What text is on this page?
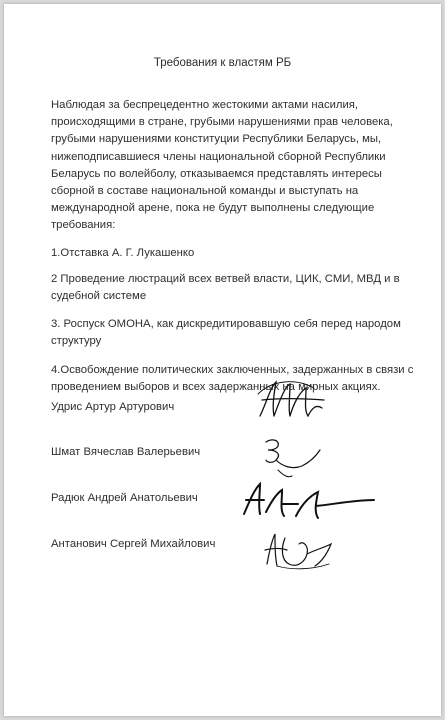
Требования к властям РБ

Наблюдая за беспрецедентно жестокими актами насилия, происходящими в стране, грубыми нарушениями прав человека, грубыми нарушениями конституции Республики Беларусь, мы, нижеподписавшиеся члены национальной сборной Республики Беларусь по волейболу, отказываемся представлять интересы сборной в составе национальной команды и выступать на международной арене, пока не будут выполнены следующие требования:

1.Отставка А. Г. Лукашенко

2 Проведение люстраций всех ветвей власти, ЦИК, СМИ, МВД и в судебной системе

3. Роспуск ОМОНА, как дискредитировавшую себя перед народом структуру

4.Освобождение политических заключенных, задержанных в связи с проведением выборов и всех задержанных на мирных акциях.

Удрис Артур Артурович
Шмат Вячеслав Валерьевич
Радюк Андрей Анатольевич
Антанович Сергей Михайлович
